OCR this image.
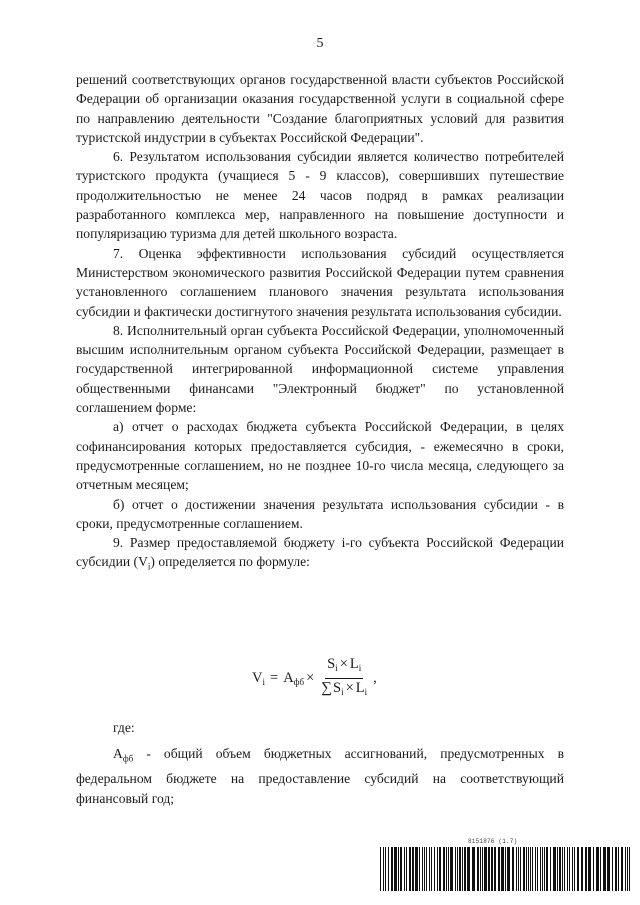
5

решений соответствующих органов государственной власти субъектов Российской Федерации об организации оказания государственной услуги в социальной сфере по направлению деятельности "Создание благоприятных условий для развития туристской индустрии в субъектах Российской Федерации".

6. Результатом использования субсидии является количество потребителей туристского продукта (учащиеся 5 - 9 классов), совершивших путешествие продолжительностью не менее 24 часов подряд в рамках реализации разработанного комплекса мер, направленного на повышение доступности и популяризацию туризма для детей школьного возраста.

7. Оценка эффективности использования субсидий осуществляется Министерством экономического развития Российской Федерации путем сравнения установленного соглашением планового значения результата использования субсидии и фактически достигнутого значения результата использования субсидии.

8. Исполнительный орган субъекта Российской Федерации, уполномоченный высшим исполнительным органом субъекта Российской Федерации, размещает в государственной интегрированной информационной системе управления общественными финансами "Электронный бюджет" по установленной соглашением форме:

а) отчет о расходах бюджета субъекта Российской Федерации, в целях софинансирования которых предоставляется субсидия, - ежемесячно в сроки, предусмотренные соглашением, но не позднее 10-го числа месяца, следующего за отчетным месяцем;

б) отчет о достижении значения результата использования субсидии - в сроки, предусмотренные соглашением.

9. Размер предоставляемой бюджету i-го субъекта Российской Федерации субсидии $(V_i)$ определяется по формуле:

$V_i = A_{фб} \times \frac{S_i \times L_i}{\sum S_i \times L_i}$ ,

где:

$A_{фб}$ - общий объем бюджетных ассигнований, предусмотренных в федеральном бюджете на предоставление субсидий на соответствующий финансовый год;

8151876 (1.7)
